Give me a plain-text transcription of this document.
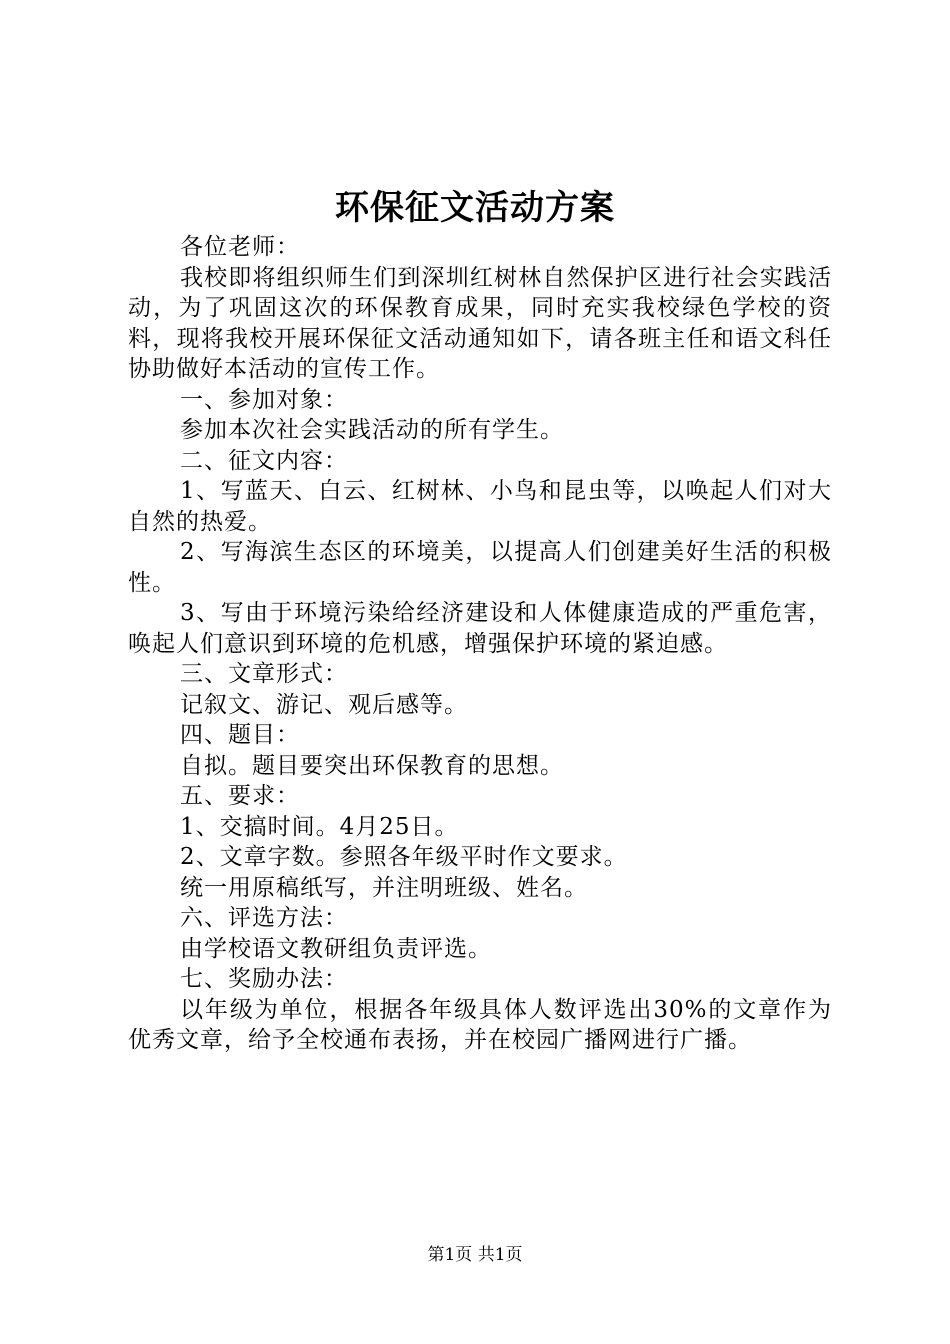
环保征文活动方案

各位老师：

我校即将组织师生们到深圳红树林自然保护区进行社会实践活动，为了巩固这次的环保教育成果，同时充实我校绿色学校的资料，现将我校开展环保征文活动通知如下，请各班主任和语文科任协助做好本活动的宣传工作。

一、参加对象：

参加本次社会实践活动的所有学生。

二、征文内容：

1、写蓝天、白云、红树林、小鸟和昆虫等，以唤起人们对大自然的热爱。

2、写海滨生态区的环境美，以提高人们创建美好生活的积极性。

3、写由于环境污染给经济建设和人体健康造成的严重危害，唤起人们意识到环境的危机感，增强保护环境的紧迫感。

三、文章形式：

记叙文、游记、观后感等。

四、题目：

自拟。题目要突出环保教育的思想。

五、要求：

1、交搞时间。4月25日。

2、文章字数。参照各年级平时作文要求。

统一用原稿纸写，并注明班级、姓名。

六、评选方法：

由学校语文教研组负责评选。

七、奖励办法：

以年级为单位，根据各年级具体人数评选出30%的文章作为优秀文章，给予全校通布表扬，并在校园广播网进行广播。

第1页 共1页
